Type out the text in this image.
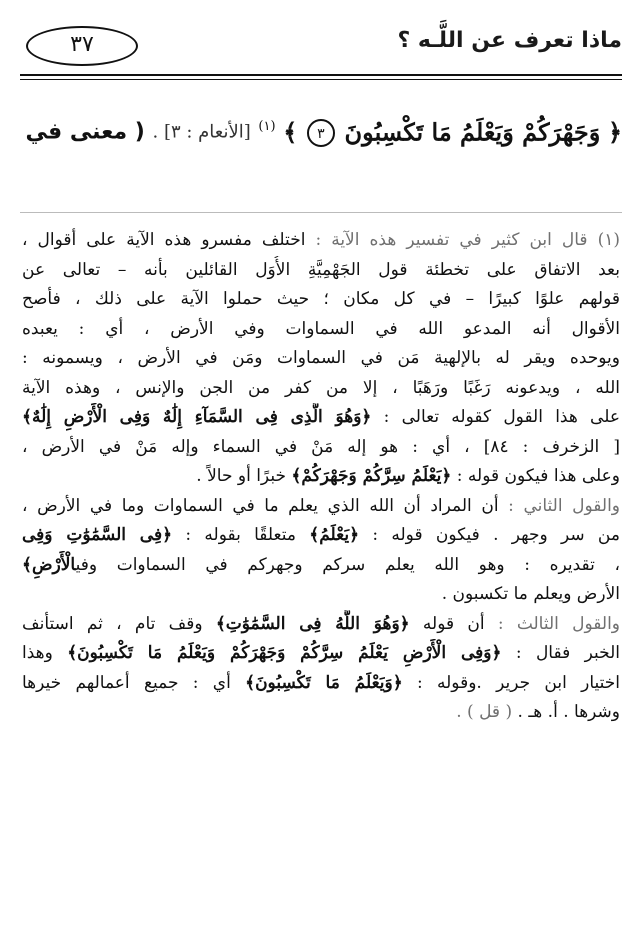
ماذا تعرف عن اللَّـه ؟
٣٧
﴿ وَجَهْرَكُمْ وَيَعْلَمُ مَا تَكْسِبُونَ ٣ ﴾ $^{(١)}$ [الأنعام : ٣] . ( معنى في
(١) قال ابن كثير في تفسير هذه الآية : اختلف مفسرو هذه الآية على أقوال ،
بعد الاتفاق على تخطئة قول الجَهْمِيَّةِ الأُوَل القائلين بأنه – تعالى عن
قولهم علوًا كبيرًا – في كل مكان ؛ حيث حملوا الآية على ذلك ، فأصح
الأقوال أنه المدعو الله في السماوات وفي الأرض ، أي : يعبده
ويوحده ويقر له بالإلهية مَن في السماوات ومَن في الأرض ، ويسمونه :
الله ، ويدعونه رَغَبًا ورَهَبًا ، إلا من كفر من الجن والإنس ، وهذه الآية
على هذا القول كقوله تعالى : ﴿وَهُوَ الَّذِى فِى السَّمَآءِ إِلَٰهٌ وَفِى الْأَرْضِ إِلَٰهٌ﴾
[ الزخرف : ٨٤] ، أي : هو إله مَنْ في السماء وإله مَنْ في الأرض ،
وعلى هذا فيكون قوله : ﴿يَعْلَمُ سِرَّكُمْ وَجَهْرَكُمْ﴾ خبرًا أو حالاً .
والقول الثاني : أن المراد أن الله الذي يعلم ما في السماوات وما في الأرض ،
من سر وجهر . فيكون قوله : ﴿يَعْلَمُ﴾ متعلقًا بقوله : ﴿فِى السَّمَٰوَٰتِ وَفِى
، تقديره : وهو الله يعلم سركم وجهركم في السماوات وفيالْأَرْضِ﴾
الأرض ويعلم ما تكسبون .
والقول الثالث : أن قوله ﴿وَهُوَ اللَّهُ فِى السَّمَٰوَٰتِ﴾ وقف تام ، ثم استأنف
الخبر فقال : ﴿وَفِى الْأَرْضِ يَعْلَمُ سِرَّكُمْ وَجَهْرَكُمْ وَيَعْلَمُ مَا تَكْسِبُونَ﴾ وهذا
اختيار ابن جرير .وقوله : ﴿وَيَعْلَمُ مَا تَكْسِبُونَ﴾ أي : جميع أعمالهم خيرها
وشرها . أ. هـ . ( قل ) .
